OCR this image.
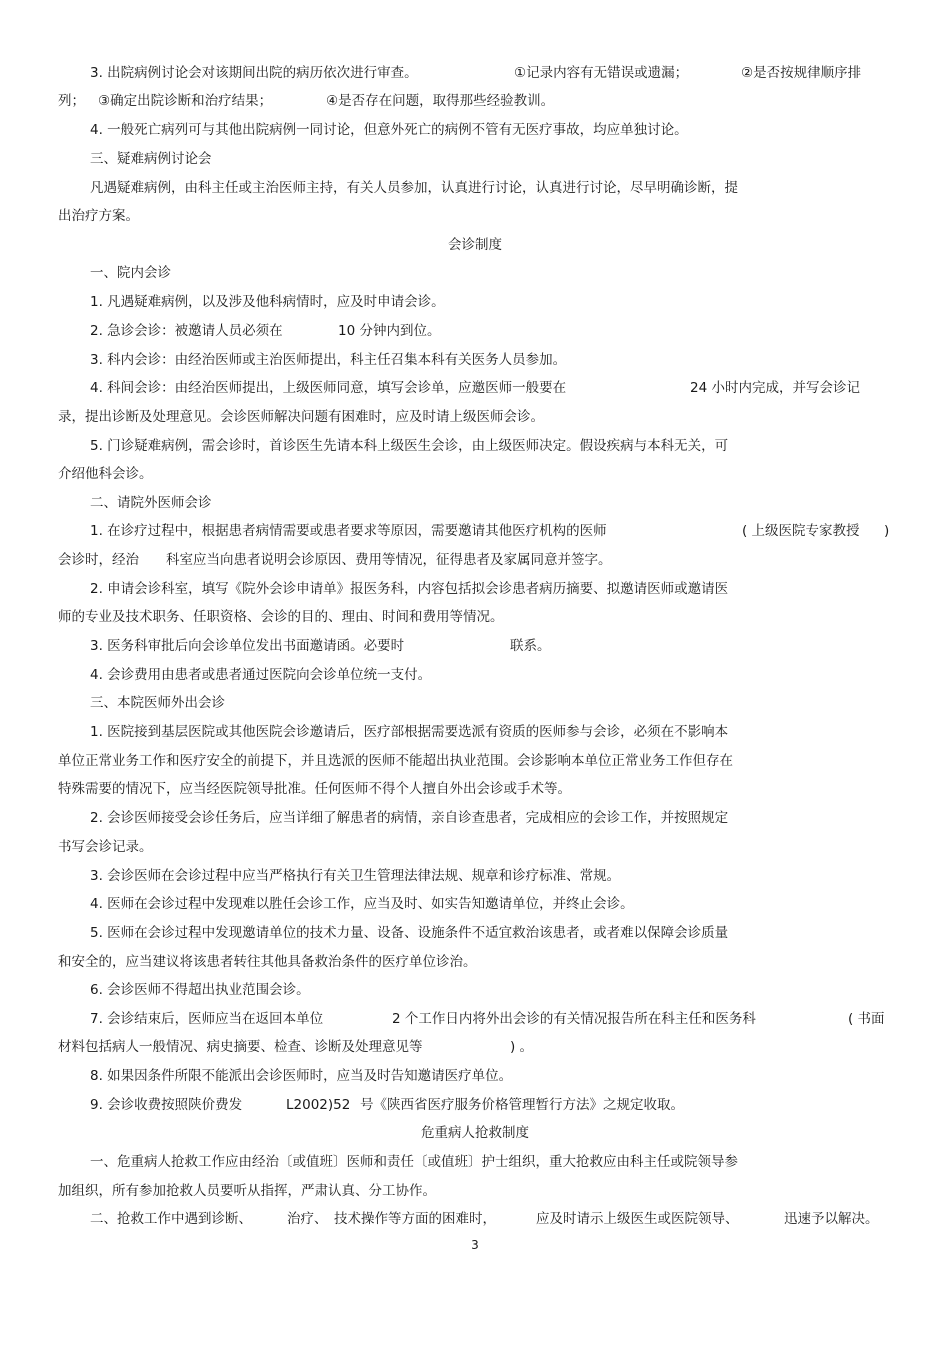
3. 出院病例讨论会对该期间出院的病历依次进行审查。	①记录内容有无错误或遗漏；	②是否按规律顺序排
列； ③确定出院诊断和治疗结果；	④是否存在问题，取得那些经验教训。
4. 一般死亡病列可与其他出院病例一同讨论，但意外死亡的病例不管有无医疗事故，均应单独讨论。
三、疑难病例讨论会
凡遇疑难病例，由科主任或主治医师主持，有关人员参加，认真进行讨论，认真进行讨论，尽早明确诊断，提
出治疗方案。
会诊制度
一、院内会诊
1. 凡遇疑难病例，以及涉及他科病情时，应及时申请会诊。
2. 急诊会诊：被邀请人员必须在	10 分钟内到位。
3. 科内会诊：由经治医师或主治医师提出，科主任召集本科有关医务人员参加。
4. 科间会诊：由经治医师提出，上级医师同意，填写会诊单，应邀医师一般要在	24 小时内完成，并写会诊记
录，提出诊断及处理意见。会诊医师解决问题有困难时，应及时请上级医师会诊。
5. 门诊疑难病例，需会诊时，首诊医生先请本科上级医生会诊，由上级医师决定。假设疾病与本科无关，可
介绍他科会诊。
二、请院外医师会诊
1. 在诊疗过程中，根据患者病情需要或患者要求等原因，需要邀请其他医疗机构的医师	( 上级医院专家教授 )
会诊时，经治 科室应当向患者说明会诊原因、费用等情况，征得患者及家属同意并签字。
2. 申请会诊科室，填写《院外会诊申请单》报医务科，内容包括拟会诊患者病历摘要、拟邀请医师或邀请医
师的专业及技术职务、任职资格、会诊的目的、理由、时间和费用等情况。
3. 医务科审批后向会诊单位发出书面邀请函。必要时	联系。
4. 会诊费用由患者或患者通过医院向会诊单位统一支付。
三、本院医师外出会诊
1. 医院接到基层医院或其他医院会诊邀请后，医疗部根据需要选派有资质的医师参与会诊，必须在不影响本
单位正常业务工作和医疗安全的前提下，并且选派的医师不能超出执业范围。会诊影响本单位正常业务工作但存在
特殊需要的情况下，应当经医院领导批准。任何医师不得个人擅自外出会诊或手术等。
2. 会诊医师接受会诊任务后，应当详细了解患者的病情，亲自诊查患者，完成相应的会诊工作，并按照规定
书写会诊记录。
3. 会诊医师在会诊过程中应当严格执行有关卫生管理法律法规、规章和诊疗标准、常规。
4. 医师在会诊过程中发现难以胜任会诊工作，应当及时、如实告知邀请单位，并终止会诊。
5. 医师在会诊过程中发现邀请单位的技术力量、设备、设施条件不适宜救治该患者，或者难以保障会诊质量
和安全的，应当建议将该患者转往其他具备救治条件的医疗单位诊治。
6. 会诊医师不得超出执业范围会诊。
7. 会诊结束后，医师应当在返回本单位	2 个工作日内将外出会诊的有关情况报告所在科主任和医务科	( 书面
材料包括病人一般情况、病史摘要、检查、诊断及处理意见等	) 。
8. 如果因条件所限不能派出会诊医师时，应当及时告知邀请医疗单位。
9. 会诊收费按照陕价费发	L2002)52 号《陕西省医疗服务价格管理暂行方法》之规定收取。
危重病人抢救制度
一、危重病人抢救工作应由经治〔或值班〕医师和责任〔或值班〕护士组织，重大抢救应由科主任或院领导参
加组织，所有参加抢救人员要听从指挥，严肃认真、分工协作。
二、抢救工作中遇到诊断、	治疗、 技术操作等方面的困难时，	应及时请示上级医生或医院领导、	迅速予以解决。
3
